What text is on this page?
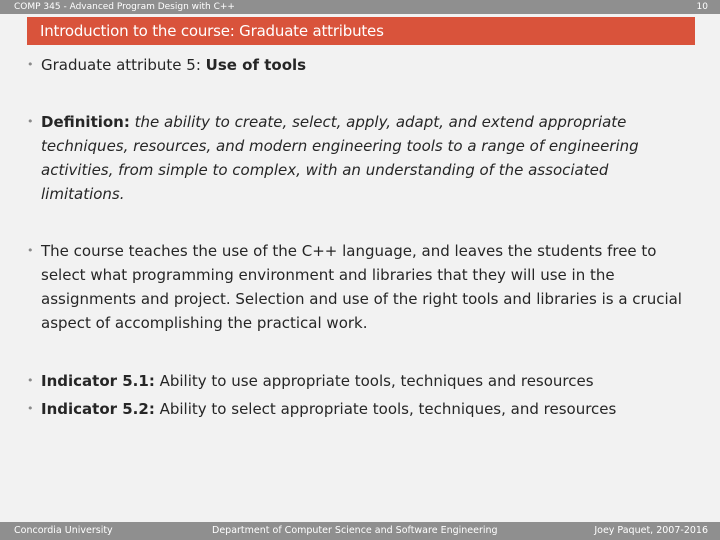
COMP 345 - Advanced Program Design with C++	10
Introduction to the course: Graduate attributes
• Graduate attribute 5: Use of tools
• Definition: the ability to create, select, apply, adapt, and extend appropriate techniques, resources, and modern engineering tools to a range of engineering activities, from simple to complex, with an understanding of the associated limitations.
• The course teaches the use of the C++ language, and leaves the students free to select what programming environment and libraries that they will use in the assignments and project. Selection and use of the right tools and libraries is a crucial aspect of accomplishing the practical work.
• Indicator 5.1: Ability to use appropriate tools, techniques and resources
• Indicator 5.2: Ability to select appropriate tools, techniques, and resources
Concordia University	Department of Computer Science and Software Engineering	Joey Paquet, 2007-2016
